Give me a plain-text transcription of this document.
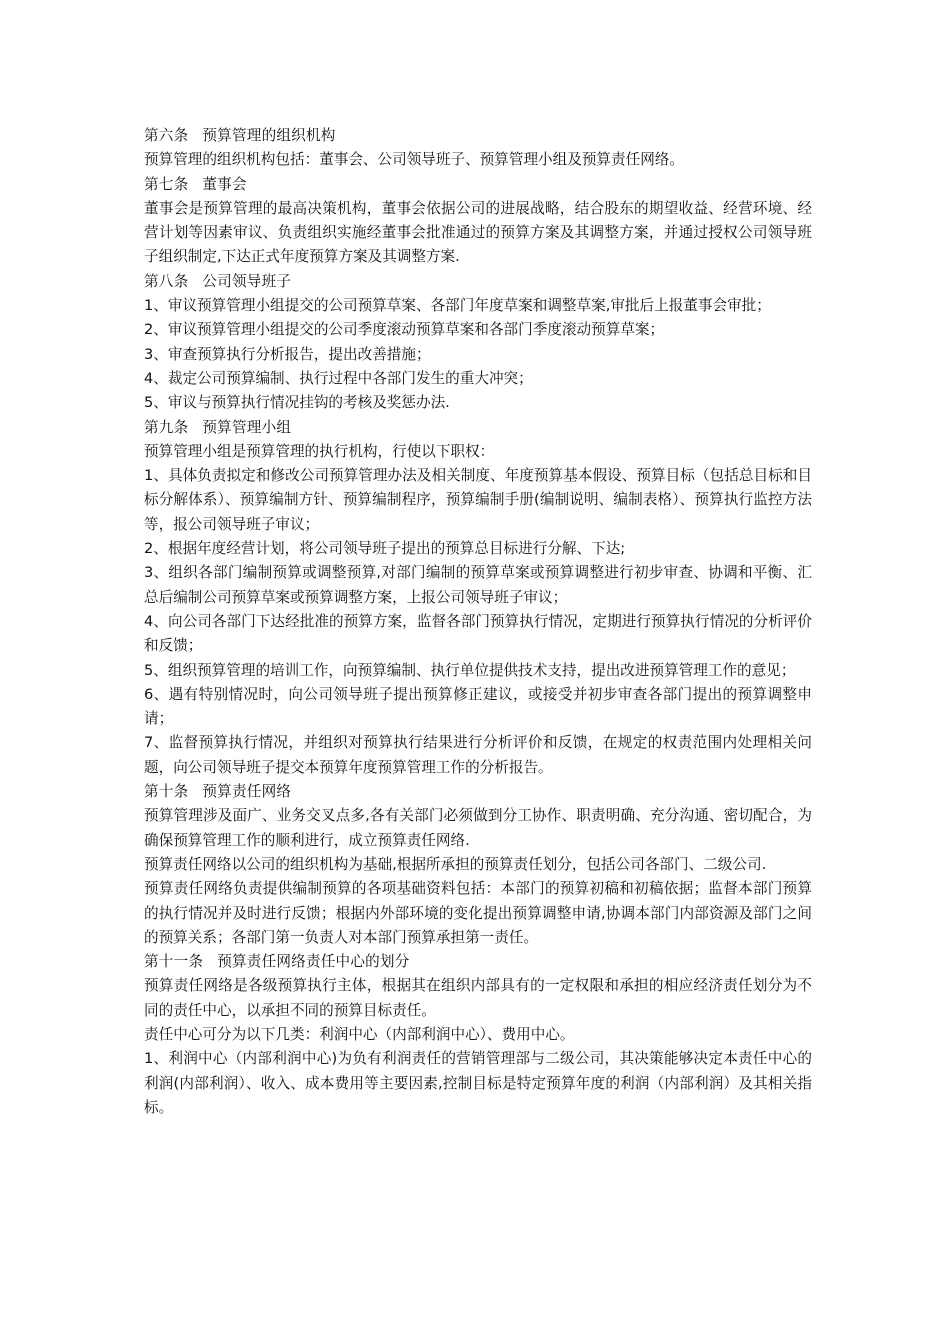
第六条 预算管理的组织机构

预算管理的组织机构包括：董事会、公司领导班子、预算管理小组及预算责任网络。

第七条 董事会

董事会是预算管理的最高决策机构，董事会依据公司的进展战略，结合股东的期望收益、经营环境、经营计划等因素审议、负责组织实施经董事会批准通过的预算方案及其调整方案，并通过授权公司领导班子组织制定,下达正式年度预算方案及其调整方案.

第八条 公司领导班子

1、审议预算管理小组提交的公司预算草案、各部门年度草案和调整草案,审批后上报董事会审批；

2、审议预算管理小组提交的公司季度滚动预算草案和各部门季度滚动预算草案；

3、审查预算执行分析报告，提出改善措施；

4、裁定公司预算编制、执行过程中各部门发生的重大冲突；

5、审议与预算执行情况挂钩的考核及奖惩办法.

第九条 预算管理小组

预算管理小组是预算管理的执行机构，行使以下职权：

1、具体负责拟定和修改公司预算管理办法及相关制度、年度预算基本假设、预算目标（包括总目标和目标分解体系）、预算编制方针、预算编制程序，预算编制手册(编制说明、编制表格）、预算执行监控方法等，报公司领导班子审议；

2、根据年度经营计划，将公司领导班子提出的预算总目标进行分解、下达;

3、组织各部门编制预算或调整预算,对部门编制的预算草案或预算调整进行初步审查、协调和平衡、汇总后编制公司预算草案或预算调整方案，上报公司领导班子审议；

4、向公司各部门下达经批准的预算方案，监督各部门预算执行情况，定期进行预算执行情况的分析评价和反馈；

5、组织预算管理的培训工作，向预算编制、执行单位提供技术支持，提出改进预算管理工作的意见；

6、遇有特别情况时，向公司领导班子提出预算修正建议，或接受并初步审查各部门提出的预算调整申请；

7、监督预算执行情况，并组织对预算执行结果进行分析评价和反馈，在规定的权责范围内处理相关问题，向公司领导班子提交本预算年度预算管理工作的分析报告。

第十条 预算责任网络

预算管理涉及面广、业务交叉点多,各有关部门必须做到分工协作、职责明确、充分沟通、密切配合，为确保预算管理工作的顺利进行，成立预算责任网络.

预算责任网络以公司的组织机构为基础,根据所承担的预算责任划分，包括公司各部门、二级公司.

预算责任网络负责提供编制预算的各项基础资料包括：本部门的预算初稿和初稿依据；监督本部门预算的执行情况并及时进行反馈；根据内外部环境的变化提出预算调整申请,协调本部门内部资源及部门之间的预算关系；各部门第一负责人对本部门预算承担第一责任。

第十一条 预算责任网络责任中心的划分

预算责任网络是各级预算执行主体，根据其在组织内部具有的一定权限和承担的相应经济责任划分为不同的责任中心，以承担不同的预算目标责任。

责任中心可分为以下几类：利润中心（内部利润中心）、费用中心。

1、利润中心（内部利润中心)为负有利润责任的营销管理部与二级公司，其决策能够决定本责任中心的利润(内部利润）、收入、成本费用等主要因素,控制目标是特定预算年度的利润（内部利润）及其相关指标。
